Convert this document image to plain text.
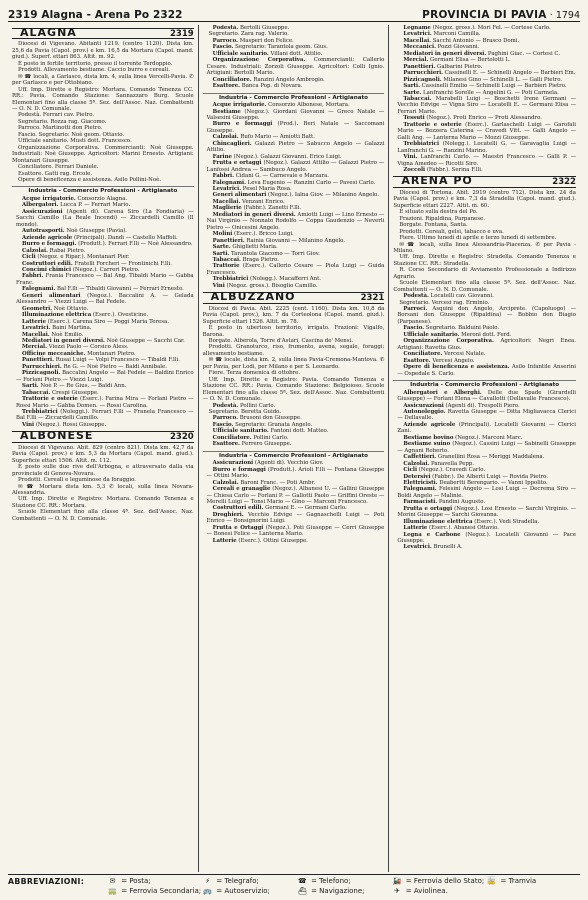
2319 Alagna - Arena Po 2322	PROVINCIA DI PAVIA · 1794
ALAGNA	2319

Diocesi di Vigevano. Abitanti 1219. (centro 1120). Dista km. 25,6 da Pavia (Capol. prov.) e km. 16,5 da Mortara (Capol. mand. giud.). Superf. ettari 863. Altit. m. 92.

È posto in fertile territorio, presso il torrente Terdoppio.

Prodotti. Allevamento bestiame. Caccio burro e cereali.

✉ ☎ locali, a Garlasco, dista km. 4, sulla linea Vercelli-Pavia. ✆ per Garlasco e per Ottobiano.

Uff. Imp. Dirette e Registro: Mortara. Comando Tenenza CC. RR.: Pavia. Comando Stazione: Sannazzaro Burg. Scuole Elementari fino alla classe 5ª. Sez. dell'Assoc. Naz. Combattenti — O. N. D. Comunale.

Podestà. Ferrari cav. Pietro.

Segretario. Rozza rag. Giacomo.

Parroco. Martinotti don Pietro.

Fascio. Segretario: Noè geom. Ottavio.

Ufficiale sanitario. Musti dott. Francesco.

Organizzazione Corporativa. Commercianti: Noè Giuseppe. Industriali: Noè Giuseppe. Agricoltori: Marini Ernesto. Artigiani: Montanari Giuseppe.

Conciliatore. Ferrari Daniele.

Esattore. Gatti rag. Ercole.

Opere di beneficenza e assistenza. Asilo Pollini-Noè.

Industria - Commercio Professioni - Artigianato

Acque irrigatorie. Consorzio Alagna.

Albergatori. Lucca P. — Ferrari Mario.

Assicurazioni (Agenti di). Carena Siro (La Fondiaria) — Sacchi Camillo (La Reale Incendi) — Ziccardelli Camillo (Il mondo).

Autotrasporti. Noè Giuseppe (Pavia).

Aziende agricole (Principali). Dandi — Castello Maffoli.

Burro e formaggi. (Produtt.). Ferrari F.lli — Noè Alessandro.

Calzolai. Rabai Pietro.

Cicli (Negoz. e Ripar.). Montanari Pier.

Costruttori edili. Fratelli Forcheri — Frontinichi F.lli.

Concimi chimici (Negoz.). Carreri Pietro.

Fabbri. Frania Francesco — Bal Ang. Tibaldi Mario — Gabba Franc.

Falegnami. Bal F.lli — Tibaldi Giovanni — Ferrari Ernesto.

Generi alimentari (Negoz.). Baccalini A. — Gelada Alessandro — Viezzi Luigi — Bal Fedele.

Geometri. Noè Ottavio.

Illuminazione elettrica (Eserc.). Ovesticine.

Latterie (Eserc.). Carena Siro — Poggi Maria Teresa.

Levatrici. Baini Martina.

Macellai. Noè Emilio.

Mediatori in generi diversi. Noè Giuseppe — Sacchi Car.

Mercial. Viezzi Paolo — Corsico Aless.

Officine meccaniche. Montanari Pietro.

Panettieri. Rusai Luigi — Volpi Francesco — Tibaldi F.lli.

Parrucchieri. Re G. — Noè Pietro — Baldi Annibale.

Pizzicagnoli. Baccalini Angelo — Bai Fedele — Baldini Enrico — Forlani Pietro — Viezzi Luigi.

Sarti. Noè P. — Re Gius. — Baldi Ann.

Tabaccai. Crespi Giuseppe.

Trattorie e osterie (Eserc.). Farina Mira — Forlani Pietro — Rossi Mario — Gabba Domen. — Rossi Carolina.

Trebbiatrici (Noleggi.). Ferrari F.lli — Franela Francesco — Bal F.lli — Ziccardelli Camillo.

Vini (Negoz.). Rossi Giuseppe.

ALBONESE	2320

Diocesi di Vigevano. Abit. 829 (centro 821). Dista km. 42,7 da Pavia (Capol. prov.) e km. 5,3 da Mortara (Capol. mand. giud.). Superficie ettari 1506. Altit. m. 112.

È posto sulle due rive dell'Arbogna, e attraversato dalla via provinciale di Genova-Novara.

Prodotti. Cereali e leguminose da foraggio.

✉ ☎ Mortara dista km. 5,3 ✆ locali, sulla linea Novara-Alessandria.

Uff. Imp. Dirette e Registro: Mortara. Comando Tenenza e Stazione CC. RR.: Mortara.

Scuole Elementari fino alla classe 4ª. Sez. dell'Assoc. Naz. Combattenti — O. N. D. Comunale.

Podestà. Bertolli Giuseppe.

Segretario. Zara rag. Valerio.

Parroco. Masperi don Felice.

Fascio. Segretario: Tarantola geom. Gius.

Ufficiale sanitario. Villani dott. Attilio.

Organizzazione Corporativa. Commercianti: Callerio Cesare. Industriali: Zorzoli Giuseppe. Agricoltori: Colli Ignio. Artigiani: Bertolli Mario.

Conciliatore. Ranzini Angelo Ambrogio.

Esattore. Banca Pop. di Novara.

Industria - Commercio Professioni - Artigianato

Acque irrigatorie. Consorzio Albonese, Mortara.

Bestiame (Negoz.). Giordani Giovanni — Greco Natale — Valsesini Giuseppe.

Burro e formaggi (Prod.). Beri Natale — Saccomani Giuseppe.

Calzolai. Rufo Mario — Amiotti Batt.

Chincaglieri. Galazzi Pietro — Sabucco Angelo — Galazzi Attilio.

Farine (Negoz.). Galazzi Giovanni. Erico Luigi.

Frutta e ortaggi (Negoz.). Galazzi Attilio — Galazzi Pietro — Lanfossi Andrea — Sambuco Angelo.

Fabbri. Cidani G. — Carnevale e Marzara.

Falegnami. Leva Eugenio — Ranzini Carlo — Pavesi Carlo.

Levatrici. Pesel Maria Rosa.

Generi alimentari (Negoz.). Ialna Giov. — Milanino Angelo.

Macellai. Venzani Enrico.

Maglierie (Fabbr.). Zanetti F.lli.

Mediatori in generi diversi. Amiotti Luigi — Lino Ernesto — Nai Virginio — Nonnato Rodolfo — Coppa Gaudenzio — Neverli Pietro — Onicesini Angelo.

Molini (Eserc.). Bricco Luigi.

Panettieri. Rainia Giovanni — Milanino Angelo.

Sarte. Ghiglietti Maria.

Sarti. Tarantola Giacomo — Torri Giov.

Tabaccai. Braga Pietro.

Trattorie (Eserc.). Callerio Cesare — Piola Luigi — Guida Francesco.

Trebbiatrici (Nolegg.). Macafferri Ant.

Vini (Negoz. gross.). Bisoglio Camillo.

ALBUZZANO	2321

Diocesi di Pavia. Abit. 2225 (cent. 1160). Dista km. 10,8 da Pavia (Capol. prov.), km. 7 da Corteolona (Capol. mand. giud.). Superficie ettari 1526. Altit. m. 78.

È posto in ubertoso territorio, irrigato. Frazioni: Vigalfo, Barona.

Borgate. Alberola, Torre d'Astari, Cascina de' Mensi.

Prodotti. Granoturco, riso, frumento, avena, segale, foraggi; allevamento bestiame.

✉ ☎ locale, dista km. 2, sulla linea Pavia-Cremona-Mantova. ✆ per Pavia, per Lodi, per Milano e per S. Leonardo.

Fiere. Terza domenica di ottobre.

Uff. Imp. Dirette e Registro: Pavia. Comando Tenenza e Stazione CC. RR.: Pavia. Comando Stazione: Belgioioso. Scuole Elementari fino alla classe 5ª. Sez. dell'Assoc. Naz. Combattenti — O. N. D. Comunale.

Podestà. Pollini Carlo.

Segretario. Beretta Guido.

Parroco. Brusoni don Giuseppe.

Fascio. Segretario: Granata Angelo.

Ufficiale sanitario. Fantoni dott. Matteo.

Conciliatore. Pollini Carlo.

Esattore. Ferrero Giuseppe.

Industria - Commercio Professioni - Artigianato

Assicurazioni (Agenti di). Vecchio Giov.

Burro e formaggi (Produtt.). Arioli F.lli — Fontana Giuseppe — Ottini Mario.

Calzolai. Baroni Franc. — Poti Ambr.

Cereali e granaglie (Negoz.). Albanesi U. — Gallini Giuseppe — Chiesa Carlo — Forlani P. — Gallotti Paolo — Griffini Oreste — Merelli Luigi — Tonsi Mario — Gino — Marconi Francesco.

Costruttori edili. Germani E. — Germani Carlo.

Droghieri. Vecchio Edvige — Gagnaschelli Luigi — Poti Enrico — Bonsignorini Luigi.

Frutta e Ortaggi (Negoz.). Poti Giuseppe — Cerri Giuseppe — Bonesi Felice — Lanterna Mario.

Latterie (Eserc.). Ottini Giuseppe.

Legname (Negoz. gross.). Mori Fel. — Cortese Carlo.

Levatrici. Marconi Camilla.

Macellai. Sacchi Antonio — Brasco Domi.

Meccanici. Pozzi Giovanni.

Mediatori in generi diversi. Paghini Giac. — Cortesi C.

Mercial. Germani Elisa — Bertolotti L.

Panettieri. Galbarini Pietro.

Parrucchieri. Cassinelli E. — Schinelli Angelo — Barbieri Em.

Pizzicagnoli. Milanesi Gino — Schinelli L. — Galli Pietro.

Sarti. Cassinelli Emilio — Schinelli Luigi — Barbieri Pietro.

Sarte. Lanfranchi Sorelle — Angelini G. — Poti Carmela.

Tabaccai. Marabelli Luigi — Boschetti Irene Germani — Vecchio Edvige — Vigna Siro — Locatelli E. — Germani Elisa — Ferrari Mario.

Tessuti (Negoz.). Proti Enrico — Proti Alessandro.

Trattorie e osterie (Eserc.). Garlaschelli Luigi — Garofali Mario — Bezzera Caterina — Cravedi Vitt. — Galli Angelo — Galli Ang. — Lanterna Mario — Mozzi Giuseppe.

Trebbiatrici (Nolegg.). Locatelli G. — Garavaglia Luigi — Lanfranchi G. — Ranzini Marino.

Vini. Lanfranchi Carlo. — Maestri Francesco — Galli P. — Vigna Amedeo — Ricotti Siro.

Zoccoli (Fabbr.). Serina F.lli.

ARENA PO	2322

Diocesi di Tortona. Abit. 2919 (centro 712). Dista km. 24 da Pavia (Capol. prov.) e km. 7,3 da Stradella (Capol. mand. giud.). Superficie ettari 2227. Altit. m. 60.

È situato sulla destra del Po.

Frazioni. Ripaldina, Parpanese.

Borgate. Fontana, Santa.

Prodotti. Cereali, gelsi, tabacco e uva.

Fiere. Ultimo lunedì di aprile e terzo lunedì di settembre.

✉ ☎ locali, sulla linea Alessandria-Piacenza. ✆ per Pavia - Milano.

Uff. Imp. Dirette e Registro: Stradella. Comando Tenenza e Stazione CC. RR.: Stradella.

R. Corso Secondario di Avviamento Professionale a Indirizzo Agrario.

Scuole Elementari fino alla classe 5ª. Sez. dell'Assoc. Naz. Combattenti — O. N. D. Comunale.

Podestà. Locatelli cav. Giovanni.

Segretario. Vercesi rag. Erminio.

Parroci. Asquini don Angelo, Arciprete. (Capoluogo) — Borsani don Giuseppe (Ripaldina) — Bobbio don Biagio (Parpanese).

Fascio. Segretario. Balduini Paolo.

Ufficiale sanitario. Meroni dott. Ferd.

Organizzazione Corporativa. Agricoltori: Negri Enea. Artigiani: Ravetta Gius.

Conciliatore. Vercesi Natale.

Esattore. Vercesi Angelo.

Opere di beneficenza e assistenza. Asilo Infantile Anserini — Ospedale S. Carlo.

Industria - Commercio Professioni - Artigianato

Albergatori e Alberghi. Delle due Spade (Girardelli Giuseppe) — Forlani Elena — Cavallotti (Dellavalle Francesco).

Assicurazioni (Agenti di). Trespolli Piero.

Autonoleggio. Ravetta Giuseppe — Ditta Migliavacca Clerici — Dellavalle.

Aziende agricole (Principali). Locatelli Giovanni — Clerici Zani.

Bestiame bovino (Negoz.). Marconi Marc.

Bestiame suino (Negoz.). Cassini Luigi — Sabinelli Giuseppe — Agnani Roberto.

Caffettieri. Granellini Rosa — Meriggi Maddalena.

Calzolai. Panavella Pepp.

Cicli (Negoz.). Cravedi Carlo.

Detersivi (Fabbr.). De Alberti Luigi — Rovida Pietro.

Elettricisti. Deabertti Berengario. — Vanni Ippolito.

Falegnami. Felesini Angelo — Losi Luigi — Decrema Siro — Boldi Angelo — Malinie.

Farmacisti. Pandini Augusto.

Frutta e ortaggi (Negoz.). Losi Ernesto — Sarchi Virginio. — Morini Giuseppe — Sarchi Giovanna.

Illuminazione elettrica (Eserc.). Vedi Stradella.

Latterie (Eserc.). Abanesi Ottavio.

Legna e Carbone (Negoz.). Locatelli Giovanni — Pace Giuseppe.

Levatrici. Brunelli A.

ABBREVIAZIONI:	✉ = Posta;	⚡ = Telegrafo;	☎ = Telefono;	🚂 = Ferrovia dello Stato; 🚋 = Tramvia
🚃 = Ferrovia Secondaria; 🚌 = Autoservizio;	⛴ = Navigazione;	✈ = Aviolinea.
